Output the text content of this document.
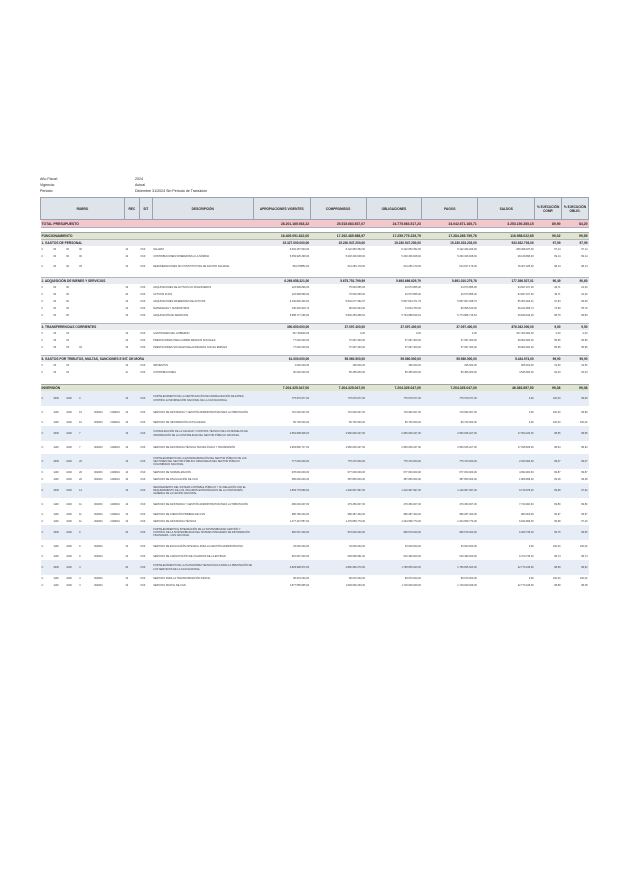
Año Fiscal:	2024
Vigencia:	Actual
Periodo:	Diciembre 31/2024 Sin Periodo de Transición
RUBRO						REC	SIT	DESCRIPCIÓN	APROPIACIONES VIGENTES	COMPROMISOS	OBLIGACIONES	PAGOS	SALDOS	% EJECUCIÓN COMP.	% EJECUCIÓN OBLIG.
TOTAL PRESUPUESTO									28.201.165.933,22	25.515.683.537,07	24.775.663.517,23	24.042.671.165,71	3.253.150.285,15	89,90	84,20

FUNCIONAMIENTO									16.409.091.622,00	17.292.485.988,97	17.259.775.229,79	17.284.265.799,76	116.958.022,65	99,02	99,95
1. GASTOS DE PERSONAL									15.327.000.000,00	15.230.547.200,00	15.230.547.200,00	15.230.303.203,00	933.932.793,00	97,99	97,99
0	00	00	00			10	CSF	SALARIO	9.302.457.549,00	8.122.953.352,00	8.122.953.352,00	8.122.184.949,00	289.498.187,00	97,14	97,14
0	00	00	00			10	CSF	CONTRIBUCIONES INHERENTES A LA NÓMINA	5.369.925.399,00	5.293.326.608,00	5.293.326.608,00	5.293.326.608,00	28.139.998,00	99,14	99,14
0	00	00	03			10	CSF	REMUNERACIONES NO CONSTITUTIVAS DE FACTOR SALARIAL	653.078852,00	614.283.179,00	614.283.179,00	614.817.179,00	16.007.225,00	98,14	98,14

2. ADQUISICIÓN DE BIENES Y SERVICIOS									6.269.658.321,00	5.675.751.799,99	5.693.666.629,79	5.691.010.279,76	177.396.527,01	90,49	90,60
0	00	00				10	CSF	ADQUISICIONES DE ACTIVOS NO FINANCIEROS	123.999.896,00	76.503.955,00	23.673.855,00	23.673.855,00	94.697.107,00	49,71	24,30
0	00	00				20	CSF	ACTIVOS FIJOS	123.999.896,00	76.503.955,00	23.673.855,00	23.673.855,00	94.697.107,00	49,71	24,30
0	00	00				10	CSF	ADQUISICIONES DIFERENTES DE ACTIVOS	6.130.846.329,00	5.604.077.992,97	5.597.844.371,79	5.597.667.948,76	85.453.006,31	97,84	99,69
0	00	00				10	CSF	MATERIALES Y SUMINISTROS	136.293.915,74	99.616.934,00	74.844.750,00	66.995.810,00	36.224.969,74	73,99	55,79
0	00	00				10	CSF	ADQUISICIÓN DE SERVICIOS	5.988.777.296,90	5.849.454.958,91	5.764.888.816,91	5.773.886.716,64	49.849.916,25	98,79	99,89

3. TRANSFERENCIAS CORRIENTES									390.600.000,00	37.097.400,00	37.097.400,00	37.097.400,00	876.032.000,00	9,50	9,50
0	03	03				10	CSF	A ENTIDADES DEL GOBIERNO	347.400000,00	0,00	0,00	0,00	347.400.000,00	0,00	0,00
0	03	03				10	CSF	PRESTACIONES PARA CUBRIR RIESGOS SOCIALES	77.000.000,00	37.097.400,00	37.097.400,00	37.097.400,00	39.902.600,00	95,95	95,95
0	03	03	04			10	CSF	PRESTACIONES SOCIALES RELACIONADAS CON EL EMPLEO	77.000.000,00	37.097.400,00	37.097.400,00	37.097.400,00	39.902.600,00	95,95	95,95

8. GASTOS POR TRIBUTOS, MULTAS, SANCIONES E INT. DE MORA									61.000.000,00	55.560.500,00	55.560.500,00	55.560.500,00	5.434.974,00	99,90	99,90
0	03	03				10	CSF	IMPUESTOS	1.000.000,00	195.000,00	195.000,00	195.000,00	805.000,00	19,50	19,50
0	03	03				11	CSF	CONTRIBUCIONES	60.000.000,00	55.455.000,00	55.455.000,00	55.455.000,00	4.545.000,00	92,43	92,43

INVERSIÓN									7.204.325.047,00	7.204.325.047,00	7.204.325.047,00	7.204.325.047,00	46.363.697,50	99,36	99,36
C	4000	1000	0			10	CSF	FORTALECIMIENTO DE LA CERTIFICACIÓN DE NORMALIZACIÓN DE ENTES, CONTROL E INFORMACIÓN NACIONAL DE LA CGN NACIONAL	775.979.977,00	775.979.977,00	775.979.977,00	775.979.977,00	0,00	100,00	99,99
C	1100	1000	10	002000	1109001	10	CSF	SERVICIO DE ASISTENCIA Y GESTIÓN ADMINISTRATIVA PARA LA TRIBUTACIÓN	710.000.007,00	710.000.007,00	719.990.007,00	719.990.007,00	0,00	100,00	99,99
C	1100	1000	10	002000	1109001	10	CSF	SERVICIO DE INFORMACIÓN ACTUALIZADA	65.730.000,00	65.730.000,00	65.730.000,00	65.730.000,00	0,00	100,00	100,00
C	4000	1000	7			10	CSF	CONSOLIDACIÓN DE LA CALIDAD Y CONTROL TÉCNICO DE LOS MODELOS DE INFORMACIÓN DE LA CONTABILIDAD DEL SECTOR PÚBLICO NACIONAL	2.554.898.908,00	2.950.625.227,00	2.950.625.227,00	2.950.625.227,00	17.050.220,00	98,95	98,95
C	1100	1000	7	002000	1109001	10	CSF	SERVICIO DE ASISTENCIA TÉCNICA TECNOLÓGICA Y TRANSMISIÓN	2.954.890.717,00	2.950.625.227,00	2.950.625.227,00	2.950.625.227,00	17.048.529,00	98,94	98,94
C	4000	1000	20			10	CSF	FORTALECIMIENTO DE LA ESTANDARIZACIÓN DEL SECTOR PÚBLICO DE LAS SECTORES DEL SECTOR PÚBLICO ORIGINADAS DEL SECTOR PÚBLICO COLOMBIANO NACIONAL	777.000.000,00	775.470.000,00	775.470.000,00	775.470.000,00	2.030.000,00	99,07	99,07
C	1100	1000	20	002000	1109001	10	CSF	SERVICIO DE NORMALIZACIÓN	678.000.000,00	677.000.000,00	677.000.000,00	677.000.000,00	4.990.000,00	99,87	99,87
C	1100	1000	20	002000	1109001	10	CSF	SERVICIO DE DIVULGACIÓN DE CGN	386.000.000,00	387.850.000,00	387.850.000,00	387.850.000,00	1.889.999,00	99,48	99,48
C	4000	1000	14			10	CSF	MEJORAMIENTO DEL SISTEMA CONTABLE PÚBLICO Y SU RELACIÓN CON EL REQUERIMIENTO DE LOS USUARIOS ESTRATÉGICOS DE LA CONTADURÍA GENERAL DE LA NACIÓN NACIONAL	1.899.778.899,00	1.400.567.997,00	1.416.997.997,00	1.416.997.997,00	9.719.979,00	99,98	97,92
C	1100	1000	11	002000	1109001	10	CSF	SERVICIO DE ASISTENCIA Y GESTIÓN ADMINISTRATIVA PARA LA TRIBUTACIÓN	480.000.007,00	479.450.007,00	479.450.007,00	479.450.007,00	7.740.000,00	99,80	99,80
C	1100	1000	11	002000	1109001	10	CSF	SERVICIO DE ATENCIÓN PRIMERA DE CGN	986.780.000,00	986.287.400,00	986.287.400,00	986.287.400,00	880.000,00	99,97	99,97
C	1100	1000	11	002000	1109001	10	CSF	SERVICIO DE ASISTENCIA TÉCNICA	1.277.447.857,00	1.479.859.770,00	1.204.959.770,00	1.204.959.770,00	6.944.969,00	99,98	97,40
C	4000	1000	9			20	CSF	FORTALECIMIENTO E INTEGRACIÓN DE LA SOSTENIBILIDAD GESTIÓN Y CONTROL DE LA SOSTENIBILIDAD DEL SISTEMA INTEGRADO DE INFORMACIÓN FINANCIERA - CGN NACIONAL	960.507.200,00	976.000.000,00	956.679.000,00	956.679.000,00	6.493.735,00	99,76	99,55
C	1100	1000	9	002000		10	CSF	SERVICIO DE EVALUACIÓN INTEGRAL PARA LA GESTIÓN ADMINISTRATIVA	33.000.000,00	33.000.000,00	33.000.000,00	33.000.000,00	0,00	100,00	100,00
C	1100	1000	9	002000		10	CSF	SERVICIO DE CAPACITACIÓN DE USUARIOS DE LA ENTIDAD	516.697.200,00	509.999.661,00	510.499.000,00	510.499.000,00	6.470.735,00	98,74	98,74
C	4000	1000	4			20	CSF	FORTALECIMIENTO DE LA PLATAFORMA TECNOLÓGICA PARA LA PRESTACIÓN DE LOS SERVICIOS DE LA CGN NACIONAL	2.828.998.970,00	2.860.996.270,00	1.795.835.623,00	1.795.835.623,00	22.770.445,90	98,89	98,92
C	1100	1000	4	002000		10	CSF	SERVICIO PARA LA TRANSFORMACIÓN DIGITAL	99.970.000,00	99.970.000,00	99.970.000,00	99.970.000,00	0,00	100,00	100,00
C	1100	1000	4	002000		10	CSF	SERVICIO DIGITAL DE CGN	1.877.556.895,00	1.993.936.230,00	1.718.649.949,00	1.718.649.949,00	22.770.445,90	98,89	98,38
